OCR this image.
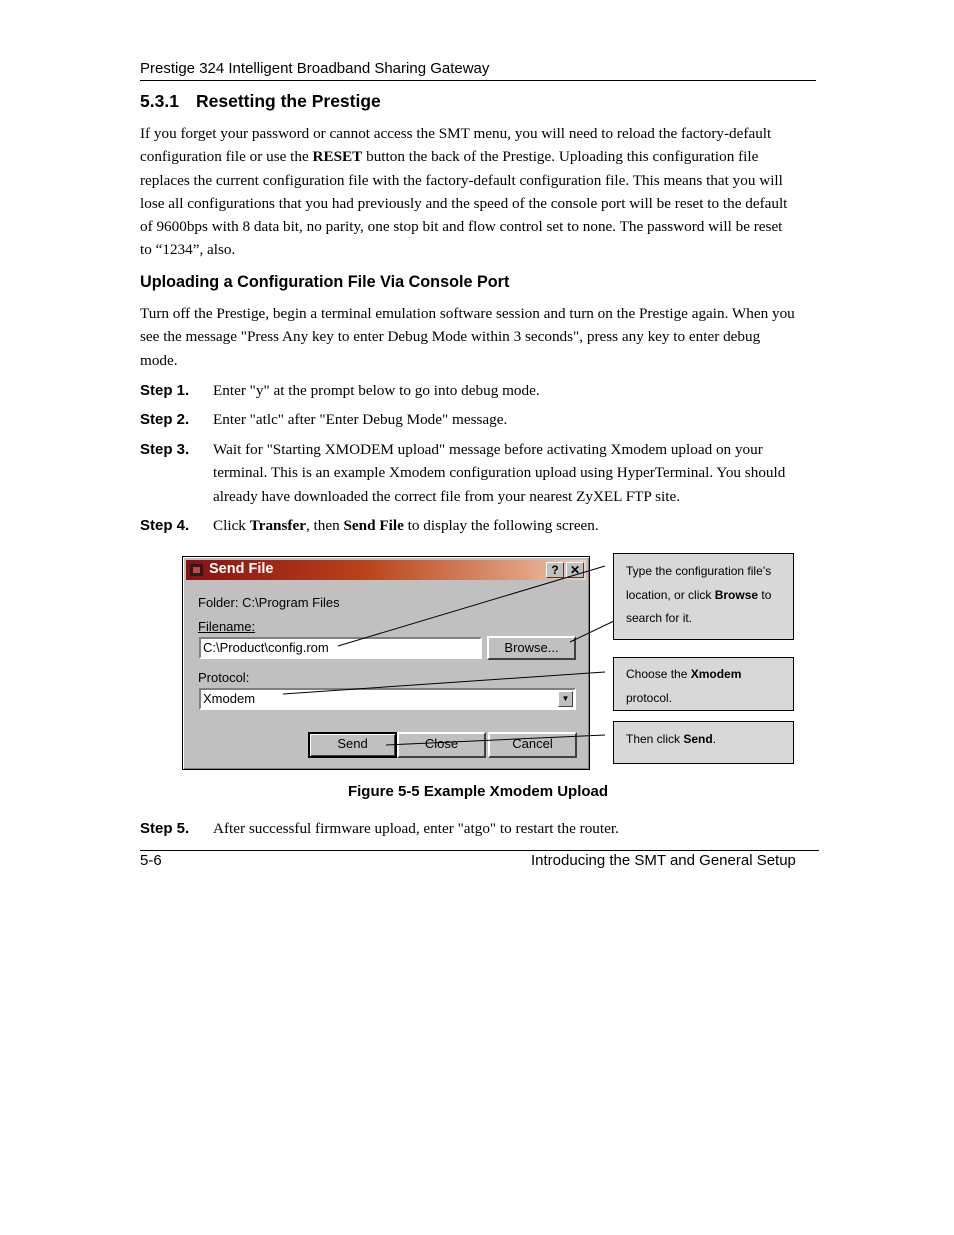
Prestige 324 Intelligent Broadband Sharing Gateway
5.3.1 Resetting the Prestige
If you forget your password or cannot access the SMT menu, you will need to reload the factory-default
configuration file or use the RESET button the back of the Prestige. Uploading this configuration file
replaces the current configuration file with the factory-default configuration file. This means that you will
lose all configurations that you had previously and the speed of the console port will be reset to the default
of 9600bps with 8 data bit, no parity, one stop bit and flow control set to none. The password will be reset
to “1234”, also.
Uploading a Configuration File Via Console Port
Turn off the Prestige, begin a terminal emulation software session and turn on the Prestige again. When you
see the message "Press Any key to enter Debug Mode within 3 seconds", press any key to enter debug
mode.
Step 1. Enter "y" at the prompt below to go into debug mode.
Step 2. Enter "atlc" after "Enter Debug Mode" message.
Step 3. Wait for "Starting XMODEM upload" message before activating Xmodem upload on your
terminal. This is an example Xmodem configuration upload using HyperTerminal. You should
already have downloaded the correct file from your nearest ZyXEL FTP site.
Step 4. Click Transfer, then Send File to display the following screen.
Send File	? ✕
Folder: C:\Program Files
Filename:
C:\Product\config.rom	Browse...
Protocol:
Xmodem	▼
Send	Close	Cancel
Type the configuration file’s
location, or click Browse to
search for it.
Choose the Xmodem
protocol.
Then click Send.
Figure 5-5 Example Xmodem Upload
Step 5. After successful firmware upload, enter "atgo" to restart the router.
5-6	Introducing the SMT and General Setup
